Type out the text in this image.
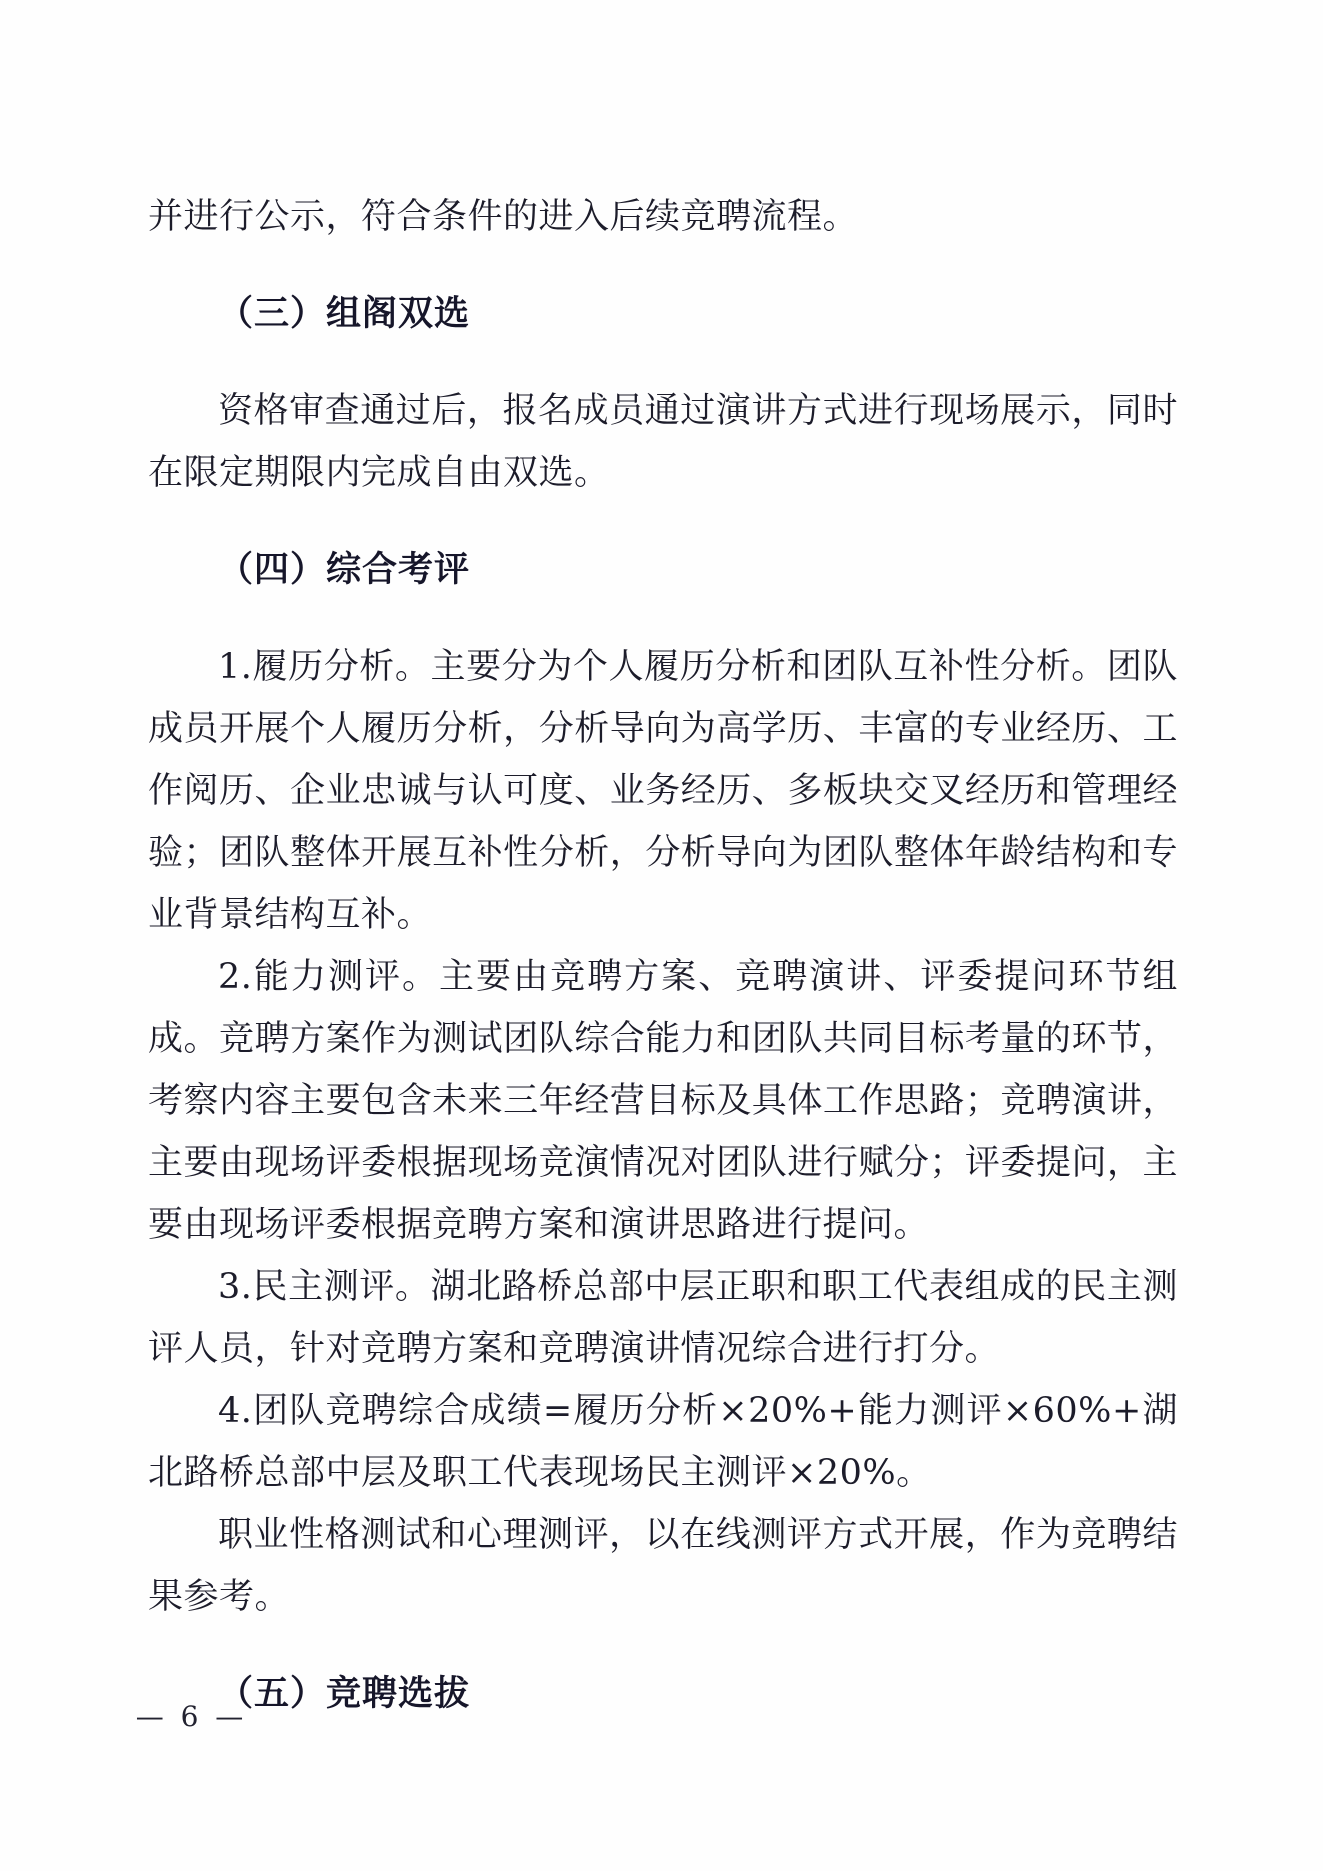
并进行公示，符合条件的进入后续竞聘流程。

（三）组阁双选

资格审查通过后，报名成员通过演讲方式进行现场展示，同时在限定期限内完成自由双选。

（四）综合考评

1.履历分析。主要分为个人履历分析和团队互补性分析。团队成员开展个人履历分析，分析导向为高学历、丰富的专业经历、工作阅历、企业忠诚与认可度、业务经历、多板块交叉经历和管理经验；团队整体开展互补性分析，分析导向为团队整体年龄结构和专业背景结构互补。

2.能力测评。主要由竞聘方案、竞聘演讲、评委提问环节组成。竞聘方案作为测试团队综合能力和团队共同目标考量的环节，考察内容主要包含未来三年经营目标及具体工作思路；竞聘演讲，主要由现场评委根据现场竞演情况对团队进行赋分；评委提问，主要由现场评委根据竞聘方案和演讲思路进行提问。

3.民主测评。湖北路桥总部中层正职和职工代表组成的民主测评人员，针对竞聘方案和竞聘演讲情况综合进行打分。

4.团队竞聘综合成绩=履历分析×20%+能力测评×60%+湖北路桥总部中层及职工代表现场民主测评×20%。

职业性格测试和心理测评，以在线测评方式开展，作为竞聘结果参考。

（五）竞聘选拔

— 6 —
